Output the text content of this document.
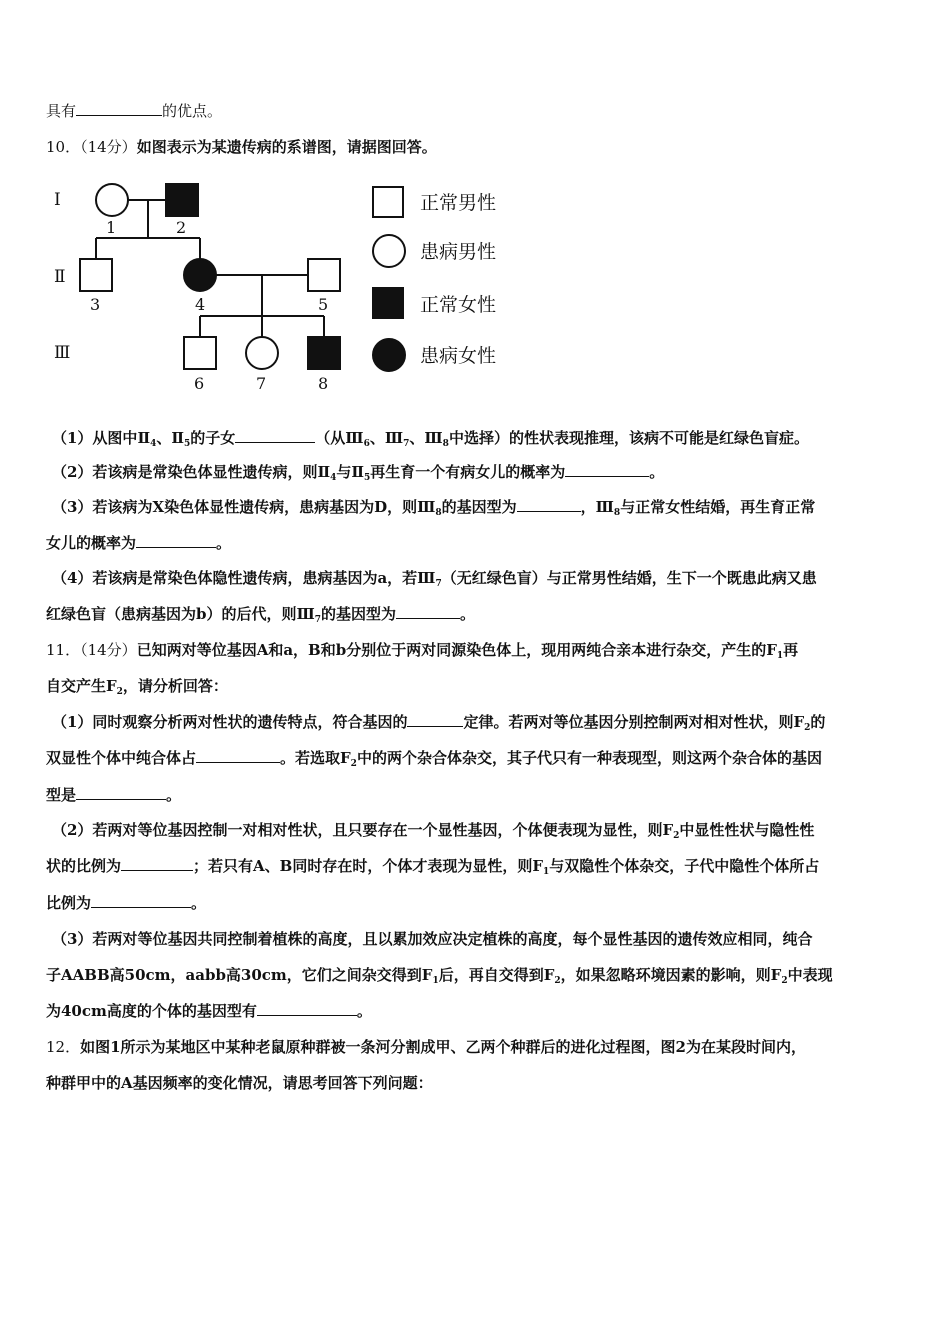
具有	的优点。
10．（14分）如图表示为某遗传病的系谱图，请据图回答。
Ⅰ
Ⅱ
Ⅲ
1	2
3	4	5
6	7	8
正常男性
患病男性
正常女性
患病女性
（1）从图中$Ⅱ_4$、$Ⅱ_5$的子女	（从$Ⅲ_6$、$Ⅲ_7$、$Ⅲ_8$中选择）的性状表现推理，该病不可能是红绿色盲症。
（2）若该病是常染色体显性遗传病，则$Ⅱ_4$与$Ⅱ_5$再生育一个有病女儿的概率为	。
（3）若该病为X染色体显性遗传病，患病基因为D，则$Ⅲ_8$的基因型为	，$Ⅲ_8$与正常女性结婚，再生育正常
女儿的概率为	。
（4）若该病是常染色体隐性遗传病，患病基因为a，若$Ⅲ_7$（无红绿色盲）与正常男性结婚，生下一个既患此病又患
红绿色盲（患病基因为b）的后代，则$Ⅲ_7$的基因型为	。
11．（14分）已知两对等位基因A和a，B和b分别位于两对同源染色体上，现用两纯合亲本进行杂交，产生的$F_1$再
自交产生$F_2$，请分析回答：
（1）同时观察分析两对性状的遗传特点，符合基因的	定律。若两对等位基因分别控制两对相对性状，则$F_2$的
双显性个体中纯合体占	。若选取$F_2$中的两个杂合体杂交，其子代只有一种表现型，则这两个杂合体的基因
型是	。
（2）若两对等位基因控制一对相对性状，且只要存在一个显性基因，个体便表现为显性，则$F_2$中显性性状与隐性性
状的比例为	；若只有A、B同时存在时，个体才表现为显性，则$F_1$与双隐性个体杂交，子代中隐性个体所占
比例为	。
（3）若两对等位基因共同控制着植株的高度，且以累加效应决定植株的高度，每个显性基因的遗传效应相同，纯合
子AABB高50cm，aabb高30cm，它们之间杂交得到$F_1$后，再自交得到$F_2$，如果忽略环境因素的影响，则$F_2$中表现
为40cm高度的个体的基因型有	。
12．如图1所示为某地区中某种老鼠原种群被一条河分割成甲、乙两个种群后的进化过程图，图2为在某段时间内，
种群甲中的A基因频率的变化情况，请思考回答下列问题：
